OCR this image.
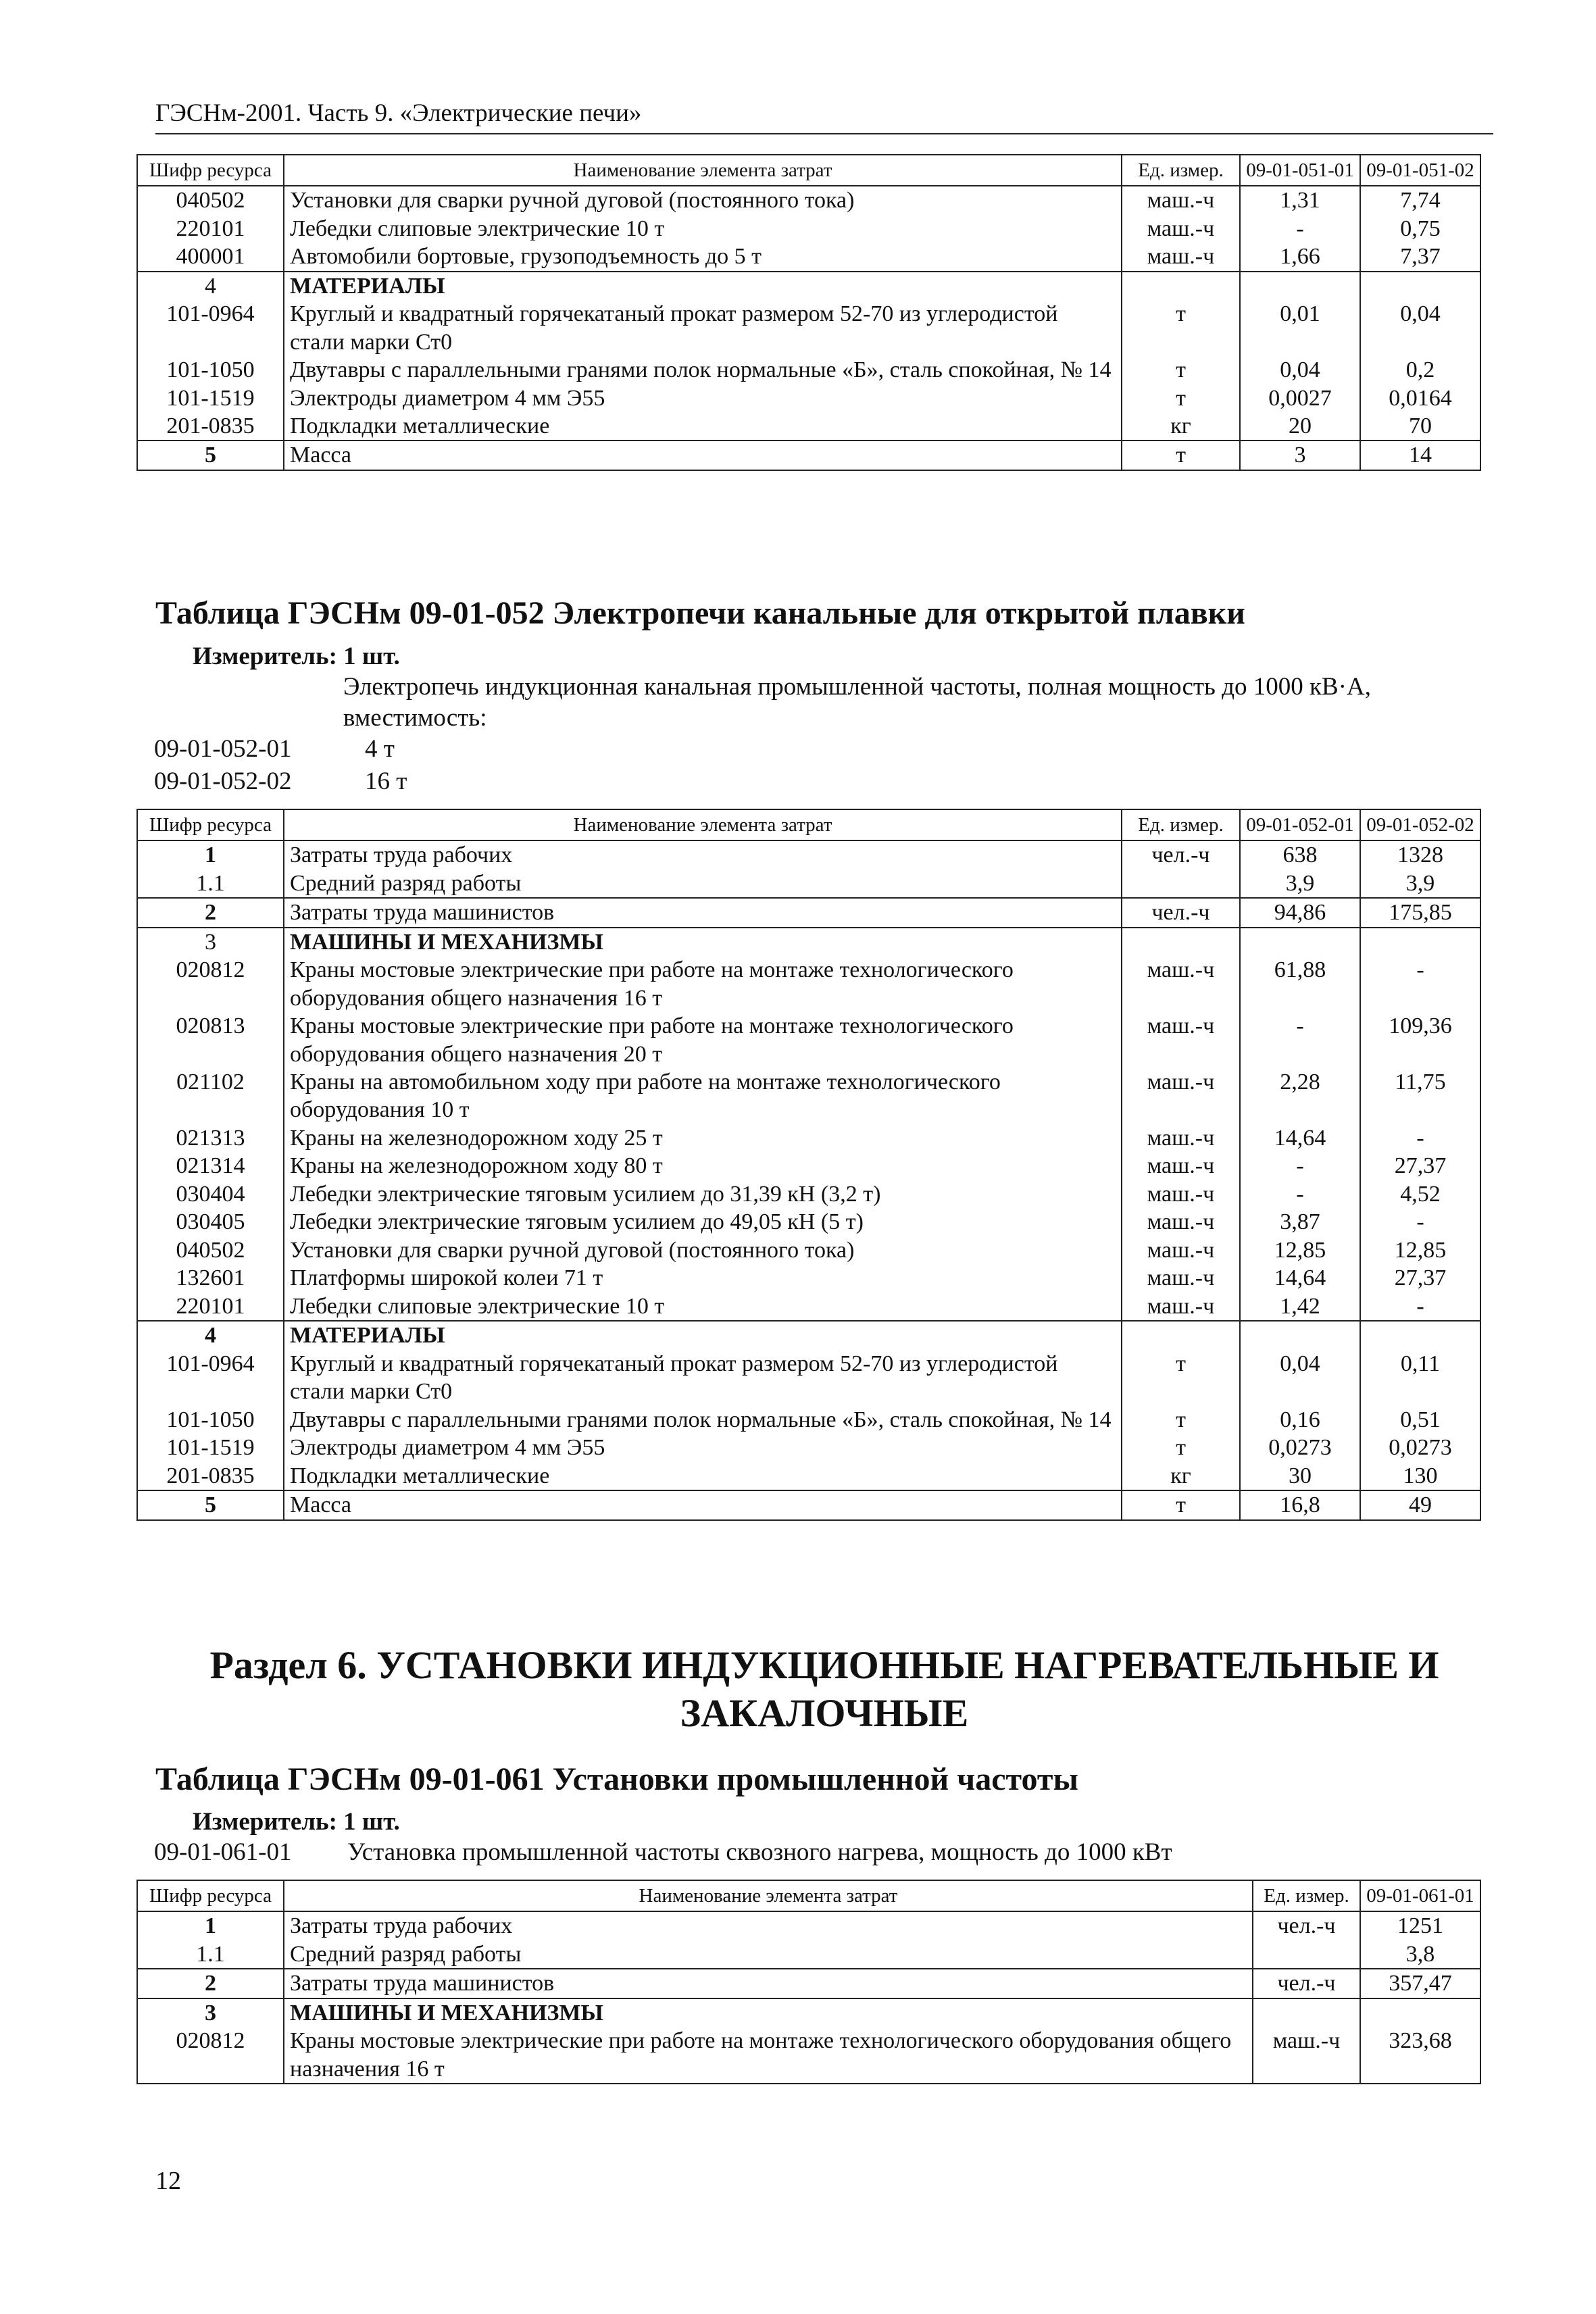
ГЭСНм-2001. Часть 9. «Электрические печи»
Шифр ресурса	Наименование элемента затрат	Ед. измер.	09-01-051-01	09-01-051-02
040502	Установки для сварки ручной дуговой (постоянного тока)	маш.-ч	1,31	7,74
220101	Лебедки слиповые электрические 10 т	маш.-ч	-	0,75
400001	Автомобили бортовые, грузоподъемность до 5 т	маш.-ч	1,66	7,37
4	МАТЕРИАЛЫ			
101-0964	Круглый и квадратный горячекатаный прокат размером 52-70 из углеродистой стали марки Ст0	т	0,01	0,04
101-1050	Двутавры с параллельными гранями полок нормальные «Б», сталь спокойная, № 14	т	0,04	0,2
101-1519	Электроды диаметром 4 мм Э55	т	0,0027	0,0164
201-0835	Подкладки металлические	кг	20	70
5	Масса	т	3	14
Таблица ГЭСНм 09-01-052 Электропечи канальные для открытой плавки
Измеритель: 1 шт.
Электропечь индукционная канальная промышленной частоты, полная мощность до 1000 кВ·А, вместимость:
09-01-052-01	4 т
09-01-052-02	16 т
Шифр ресурса	Наименование элемента затрат	Ед. измер.	09-01-052-01	09-01-052-02
1	Затраты труда рабочих	чел.-ч	638	1328
1.1	Средний разряд работы		3,9	3,9
2	Затраты труда машинистов	чел.-ч	94,86	175,85
3	МАШИНЫ И МЕХАНИЗМЫ			
020812	Краны мостовые электрические при работе на монтаже технологического оборудования общего назначения 16 т	маш.-ч	61,88	-
020813	Краны мостовые электрические при работе на монтаже технологического оборудования общего назначения 20 т	маш.-ч	-	109,36
021102	Краны на автомобильном ходу при работе на монтаже технологического оборудования 10 т	маш.-ч	2,28	11,75
021313	Краны на железнодорожном ходу 25 т	маш.-ч	14,64	-
021314	Краны на железнодорожном ходу 80 т	маш.-ч	-	27,37
030404	Лебедки электрические тяговым усилием до 31,39 кН (3,2 т)	маш.-ч	-	4,52
030405	Лебедки электрические тяговым усилием до 49,05 кН (5 т)	маш.-ч	3,87	-
040502	Установки для сварки ручной дуговой (постоянного тока)	маш.-ч	12,85	12,85
132601	Платформы широкой колеи 71 т	маш.-ч	14,64	27,37
220101	Лебедки слиповые электрические 10 т	маш.-ч	1,42	-
4	МАТЕРИАЛЫ			
101-0964	Круглый и квадратный горячекатаный прокат размером 52-70 из углеродистой стали марки Ст0	т	0,04	0,11
101-1050	Двутавры с параллельными гранями полок нормальные «Б», сталь спокойная, № 14	т	0,16	0,51
101-1519	Электроды диаметром 4 мм Э55	т	0,0273	0,0273
201-0835	Подкладки металлические	кг	30	130
5	Масса	т	16,8	49
Раздел 6. УСТАНОВКИ ИНДУКЦИОННЫЕ НАГРЕВАТЕЛЬНЫЕ И ЗАКАЛОЧНЫЕ
Таблица ГЭСНм 09-01-061 Установки промышленной частоты
Измеритель: 1 шт.
09-01-061-01 Установка промышленной частоты сквозного нагрева, мощность до 1000 кВт
Шифр ресурса	Наименование элемента затрат	Ед. измер.	09-01-061-01
1	Затраты труда рабочих	чел.-ч	1251
1.1	Средний разряд работы		3,8
2	Затраты труда машинистов	чел.-ч	357,47
3	МАШИНЫ И МЕХАНИЗМЫ		
020812	Краны мостовые электрические при работе на монтаже технологического оборудования общего назначения 16 т	маш.-ч	323,68
12
